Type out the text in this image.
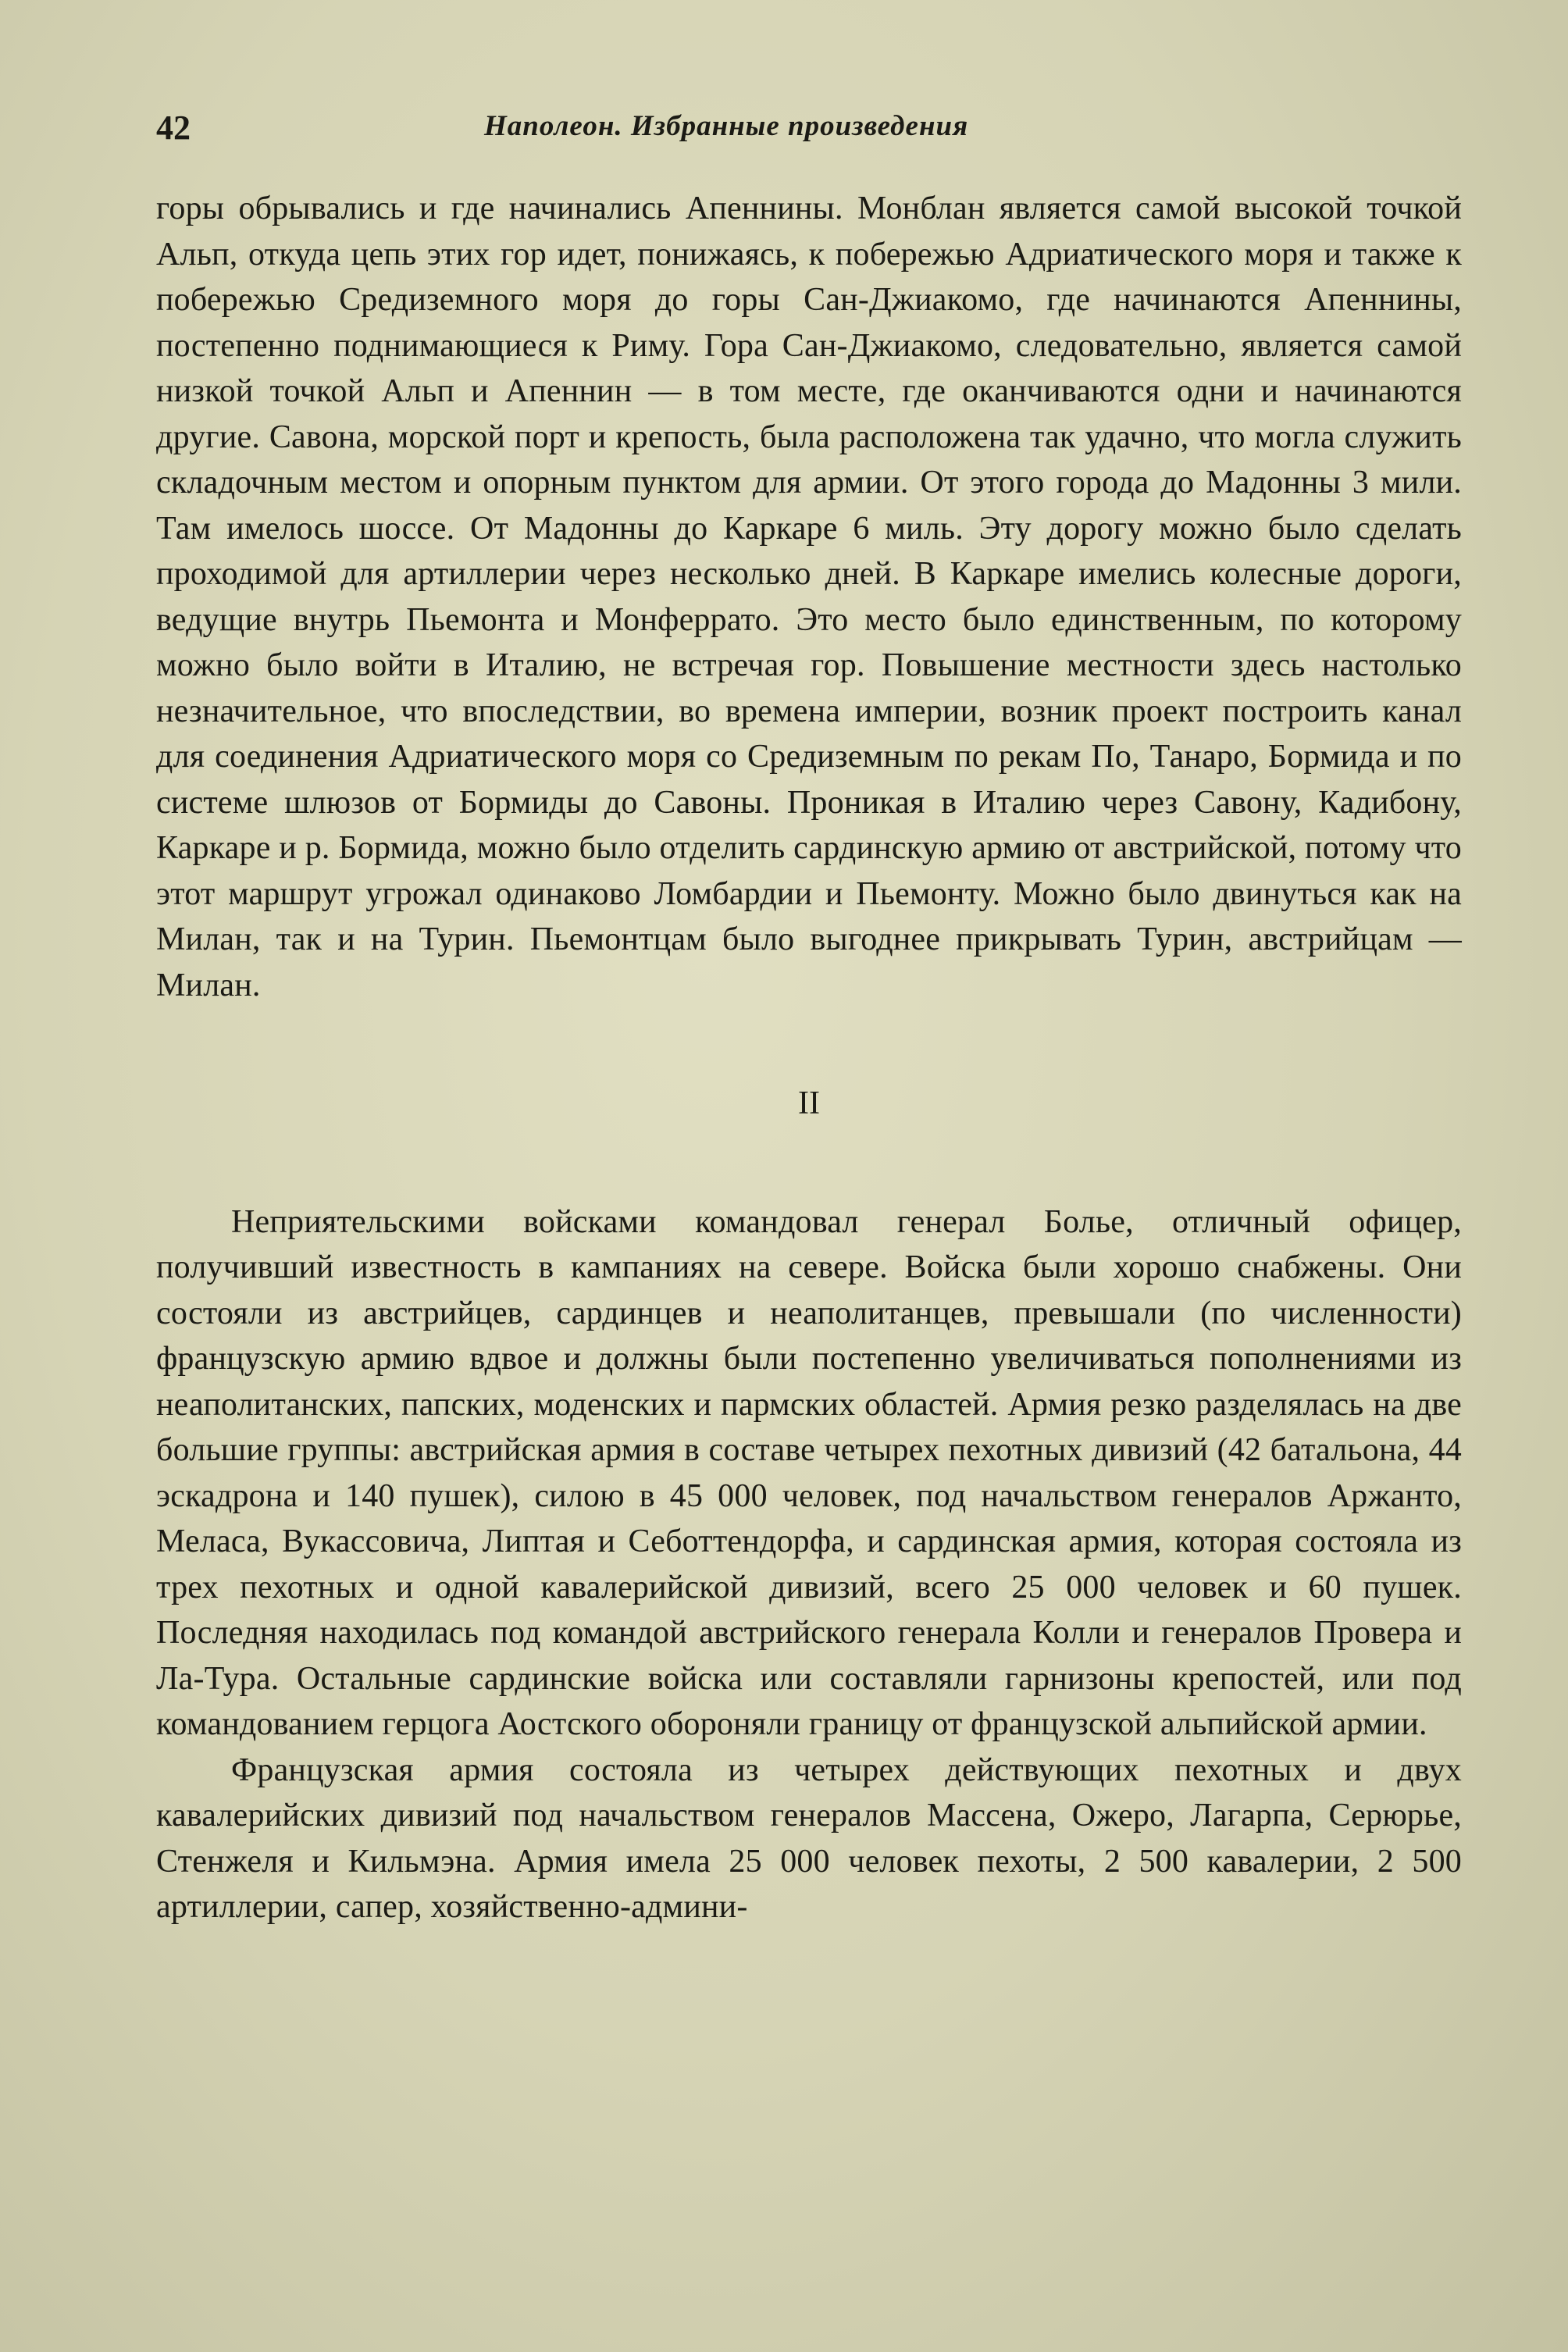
42	Наполеон. Избранные произведения

горы обрывались и где начинались Апеннины. Монблан является самой высокой точкой Альп, откуда цепь этих гор идет, понижаясь, к побережью Адриатического моря и также к побережью Средиземного моря до горы Сан-Джиакомо, где начинаются Апеннины, постепенно поднимающиеся к Риму. Гора Сан-Джиакомо, следовательно, является самой низкой точкой Альп и Апеннин — в том месте, где оканчиваются одни и начинаются другие. Савона, морской порт и крепость, была расположена так удачно, что могла служить складочным местом и опорным пунктом для армии. От этого города до Мадонны 3 мили. Там имелось шоссе. От Мадонны до Каркаре 6 миль. Эту дорогу можно было сделать проходимой для артиллерии через несколько дней. В Каркаре имелись колесные дороги, ведущие внутрь Пьемонта и Монферрато. Это место было единственным, по которому можно было войти в Италию, не встречая гор. Повышение местности здесь настолько незначительное, что впоследствии, во времена империи, возник проект построить канал для соединения Адриатического моря со Средиземным по рекам По, Танаро, Бормида и по системе шлюзов от Бормиды до Савоны. Проникая в Италию через Савону, Кадибону, Каркаре и р. Бормида, можно было отделить сардинскую армию от австрийской, потому что этот маршрут угрожал одинаково Ломбардии и Пьемонту. Можно было двинуться как на Милан, так и на Турин. Пьемонтцам было выгоднее прикрывать Турин, австрийцам — Милан.

II

Неприятельскими войсками командовал генерал Болье, отличный офицер, получивший известность в кампаниях на севере. Войска были хорошо снабжены. Они состояли из австрийцев, сардинцев и неаполитанцев, превышали (по численности) французскую армию вдвое и должны были постепенно увеличиваться пополнениями из неаполитанских, папских, моденских и пармских областей. Армия резко разделялась на две большие группы: австрийская армия в составе четырех пехотных дивизий (42 батальона, 44 эскадрона и 140 пушек), силою в 45 000 человек, под начальством генералов Аржанто, Меласа, Вукассовича, Липтая и Себоттендорфа, и сардинская армия, которая состояла из трех пехотных и одной кавалерийской дивизий, всего 25 000 человек и 60 пушек. Последняя находилась под командой австрийского генерала Колли и генералов Провера и Ла-Тура. Остальные сардинские войска или составляли гарнизоны крепостей, или под командованием герцога Аостского обороняли границу от французской альпийской армии.

Французская армия состояла из четырех действующих пехотных и двух кавалерийских дивизий под начальством генералов Массена, Ожеро, Лагарпа, Серюрье, Стенжеля и Кильмэна. Армия имела 25 000 человек пехоты, 2 500 кавалерии, 2 500 артиллерии, сапер, хозяйственно-админи-
